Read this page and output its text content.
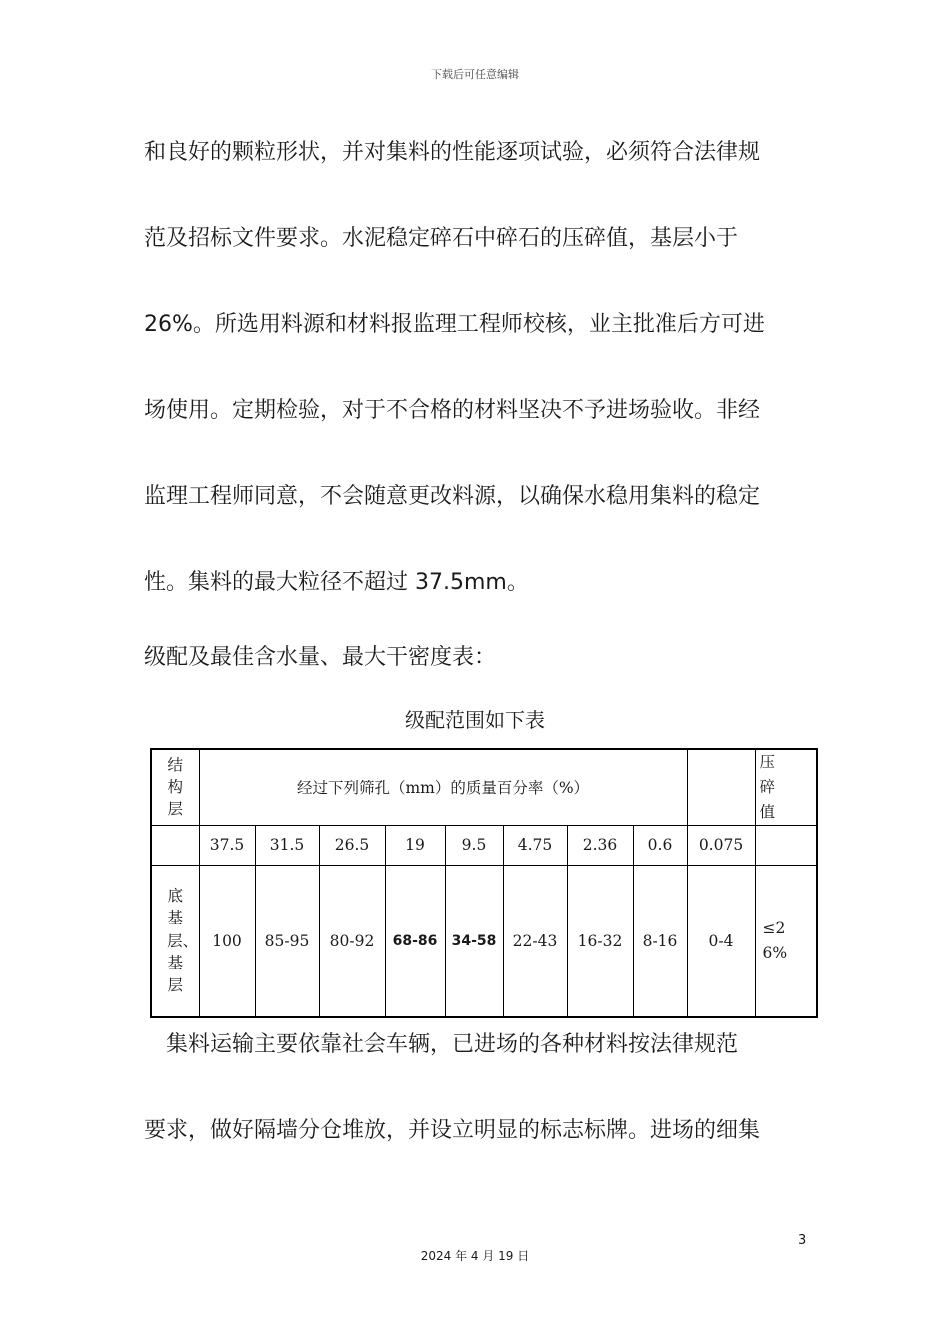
下载后可任意编辑
和良好的颗粒形状，并对集料的性能逐项试验，必须符合法律规
范及招标文件要求。水泥稳定碎石中碎石的压碎值，基层小于
26%。所选用料源和材料报监理工程师校核，业主批准后方可进
场使用。定期检验，对于不合格的材料坚决不予进场验收。非经
监理工程师同意，不会随意更改料源，以确保水稳用集料的稳定
性。集料的最大粒径不超过 37.5mm。
级配及最佳含水量、最大干密度表：
级配范围如下表
结构层	经过下列筛孔（mm）的质量百分率（%）									压 碎值
	37.5	31.5	26.5	19	9.5	4.75	2.36	0.6	0.075	
底基层、基层	100	85-95	80-92	68-86	34-58	22-43	16-32	8-16	0-4	≤26%
　集料运输主要依靠社会车辆，已进场的各种材料按法律规范
要求，做好隔墙分仓堆放，并设立明显的标志标牌。进场的细集
3
2024 年 4 月 19 日
